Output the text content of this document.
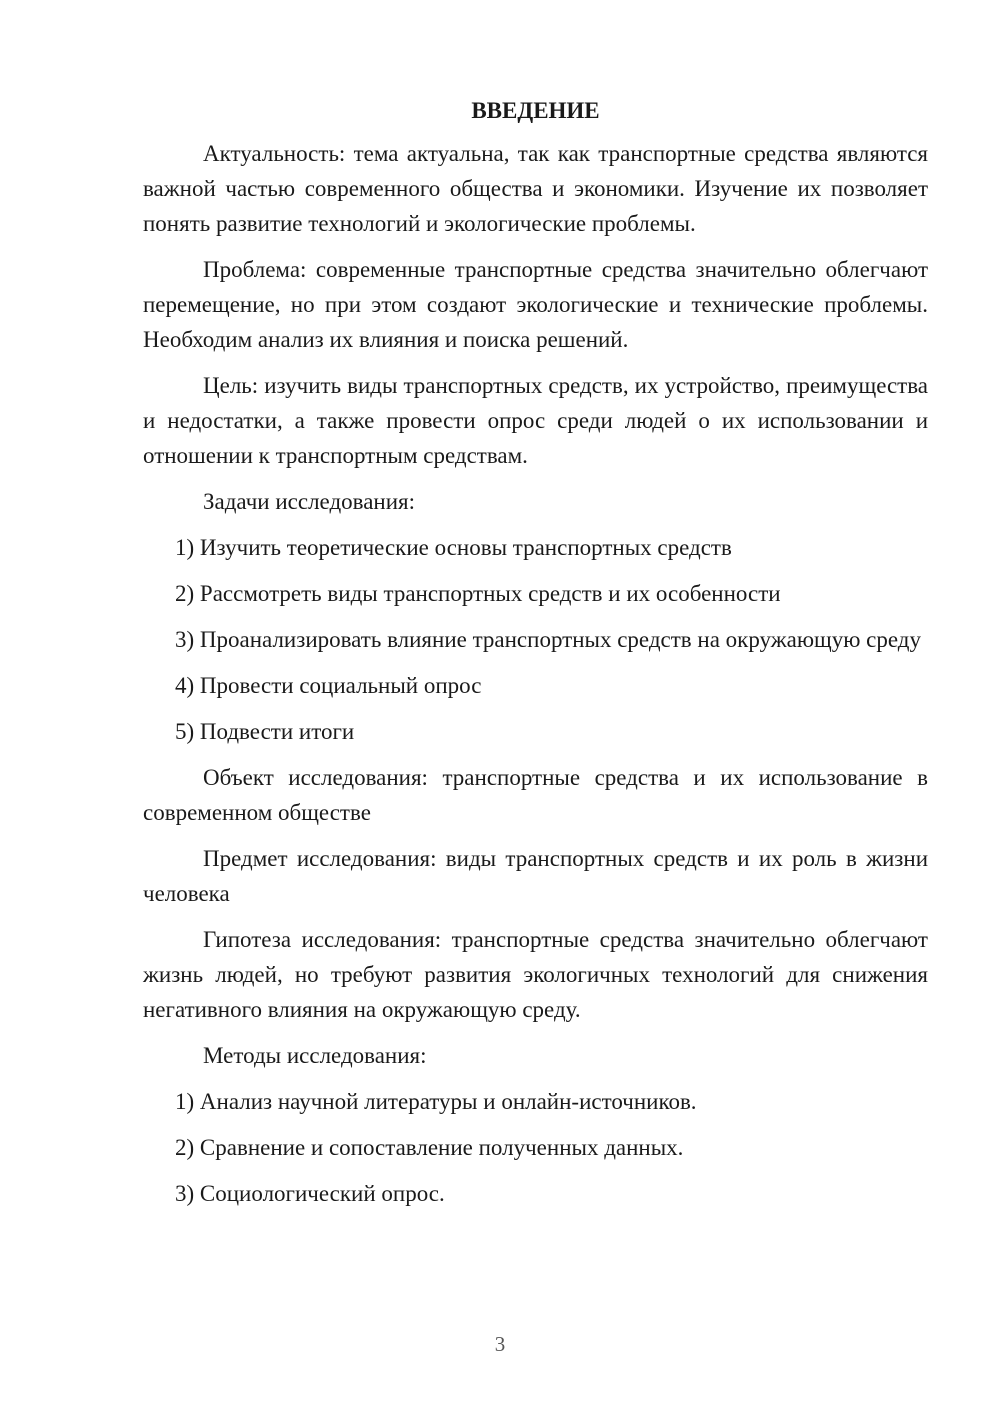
ВВЕДЕНИЕ

Актуальность: тема актуальна, так как транспортные средства являются важной частью современного общества и экономики. Изучение их позволяет понять развитие технологий и экологические проблемы.

Проблема: современные транспортные средства значительно облегчают перемещение, но при этом создают экологические и технические проблемы. Необходим анализ их влияния и поиска решений.

Цель: изучить виды транспортных средств, их устройство, преимущества и недостатки, а также провести опрос среди людей о их использовании и отношении к транспортным средствам.

Задачи исследования:

1) Изучить теоретические основы транспортных средств

2) Рассмотреть виды транспортных средств и их особенности

3) Проанализировать влияние транспортных средств на окружающую среду

4) Провести социальный опрос

5) Подвести итоги

Объект исследования: транспортные средства и их использование в современном обществе

Предмет исследования: виды транспортных средств и их роль в жизни человека

Гипотеза исследования: транспортные средства значительно облегчают жизнь людей, но требуют развития экологичных технологий для снижения негативного влияния на окружающую среду.

Методы исследования:

1) Анализ научной литературы и онлайн-источников.

2) Сравнение и сопоставление полученных данных.

3) Социологический опрос.

3
